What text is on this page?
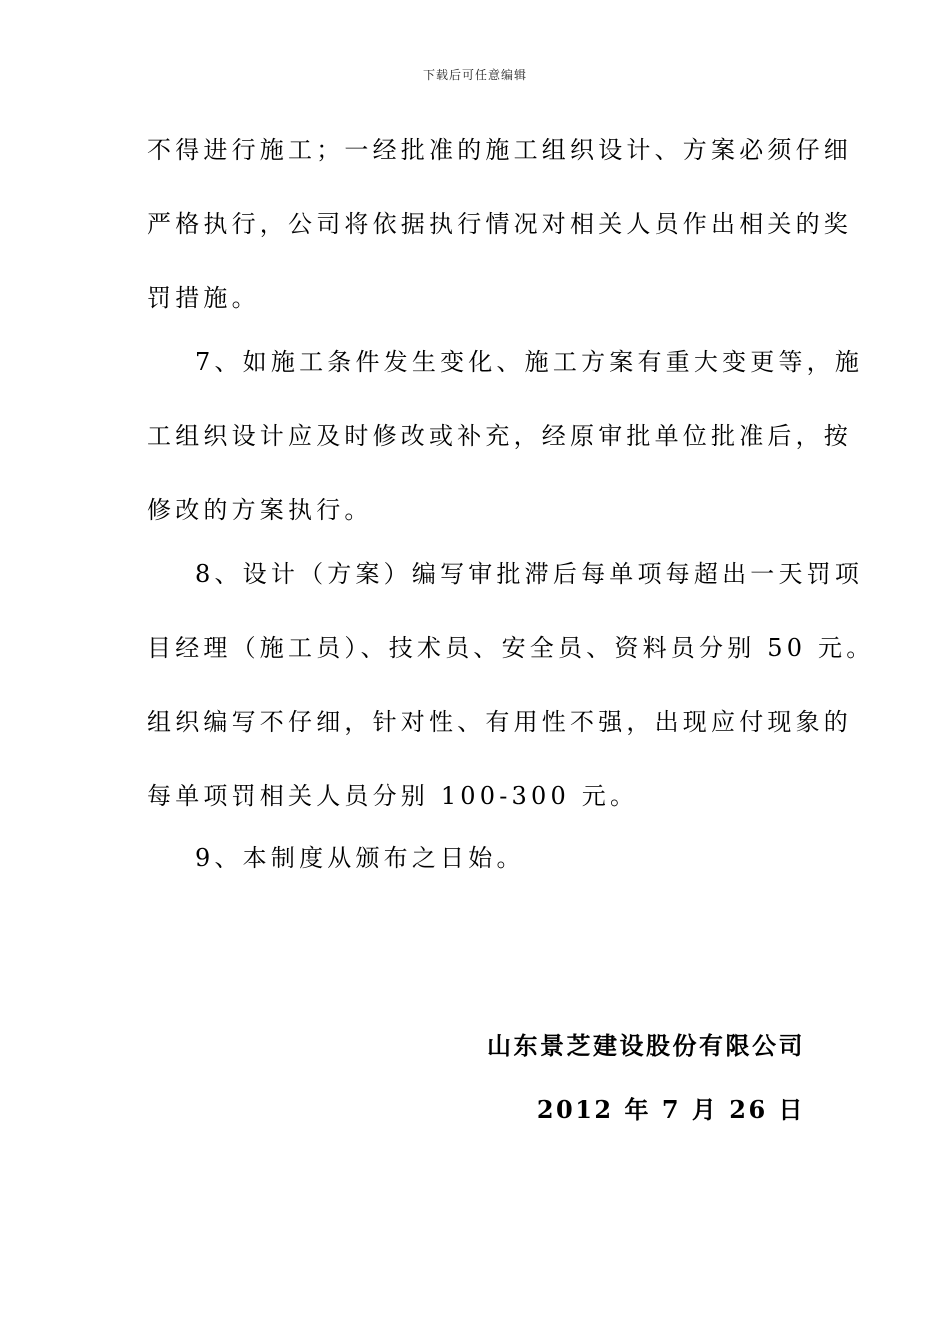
下载后可任意编辑
不得进行施工；一经批准的施工组织设计、方案必须仔细
严格执行，公司将依据执行情况对相关人员作出相关的奖
罚措施。
7、如施工条件发生变化、施工方案有重大变更等，施
工组织设计应及时修改或补充，经原审批单位批准后，按
修改的方案执行。
8、设计（方案）编写审批滞后每单项每超出一天罚项
目经理（施工员）、技术员、安全员、资料员分别 50 元。
组织编写不仔细，针对性、有用性不强，出现应付现象的
每单项罚相关人员分别 100-300 元。
9、本制度从颁布之日始。
山东景芝建设股份有限公司
2012 年 7 月 26 日
